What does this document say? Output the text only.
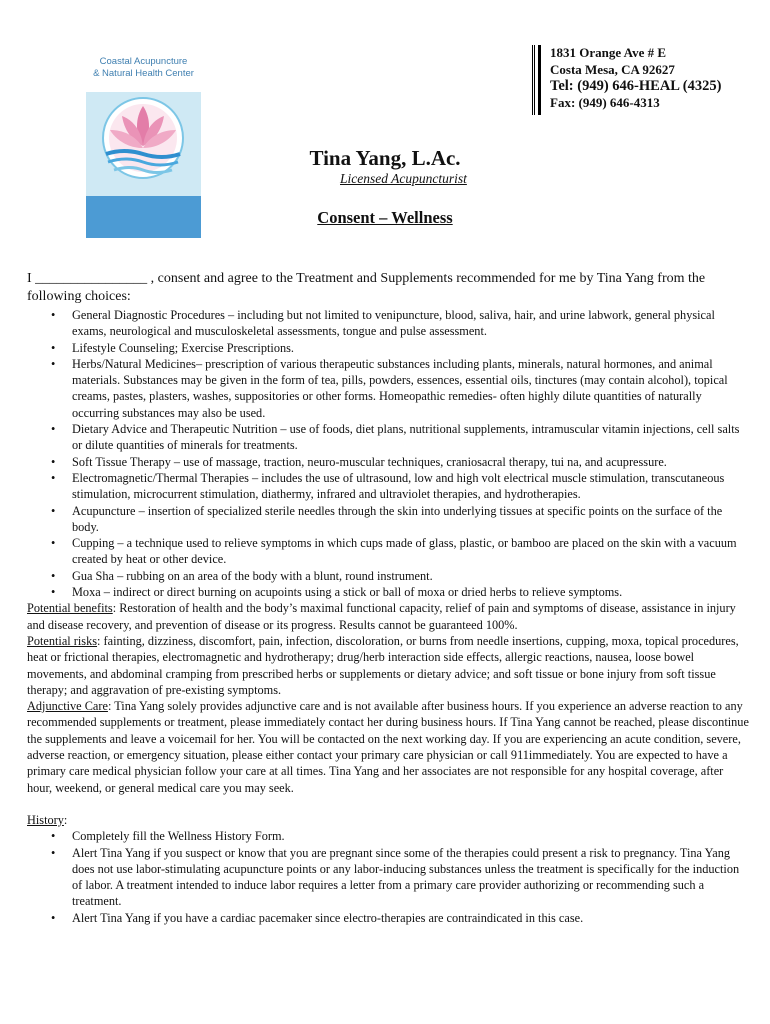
Coastal Acupuncture
& Natural Health Center
Healing the whole person
Balancing mind, body, & spirit.
1831 Orange Ave # E
Costa Mesa, CA 92627
Tel: (949) 646-HEAL (4325)
Fax: (949) 646-4313
Tina Yang, L.Ac.
Licensed Acupuncturist
Consent – Wellness

I ________________ , consent and agree to the Treatment and Supplements recommended for me by Tina Yang from the following choices:

• General Diagnostic Procedures – including but not limited to venipuncture, blood, saliva, hair, and urine labwork, general physical exams, neurological and musculoskeletal assessments, tongue and pulse assessment.
• Lifestyle Counseling; Exercise Prescriptions.
• Herbs/Natural Medicines– prescription of various therapeutic substances including plants, minerals, natural hormones, and animal materials. Substances may be given in the form of tea, pills, powders, essences, essential oils, tinctures (may contain alcohol), topical creams, pastes, plasters, washes, suppositories or other forms. Homeopathic remedies- often highly dilute quantities of naturally occurring substances may also be used.
• Dietary Advice and Therapeutic Nutrition – use of foods, diet plans, nutritional supplements, intramuscular vitamin injections, cell salts or dilute quantities of minerals for treatments.
• Soft Tissue Therapy – use of massage, traction, neuro-muscular techniques, craniosacral therapy, tui na, and acupressure.
• Electromagnetic/Thermal Therapies – includes the use of ultrasound, low and high volt electrical muscle stimulation, transcutaneous stimulation, microcurrent stimulation, diathermy, infrared and ultraviolet therapies, and hydrotherapies.
• Acupuncture – insertion of specialized sterile needles through the skin into underlying tissues at specific points on the surface of the body.
• Cupping – a technique used to relieve symptoms in which cups made of glass, plastic, or bamboo are placed on the skin with a vacuum created by heat or other device.
• Gua Sha – rubbing on an area of the body with a blunt, round instrument.
• Moxa – indirect or direct burning on acupoints using a stick or ball of moxa or dried herbs to relieve symptoms.

Potential benefits: Restoration of health and the body’s maximal functional capacity, relief of pain and symptoms of disease, assistance in injury and disease recovery, and prevention of disease or its progress. Results cannot be guaranteed 100%.

Potential risks: fainting, dizziness, discomfort, pain, infection, discoloration, or burns from needle insertions, cupping, moxa, topical procedures, heat or frictional therapies, electromagnetic and hydrotherapy; drug/herb interaction side effects, allergic reactions, nausea, loose bowel movements, and abdominal cramping from prescribed herbs or supplements or dietary advice; and soft tissue or bone injury from soft tissue therapy; and aggravation of pre-existing symptoms.

Adjunctive Care: Tina Yang solely provides adjunctive care and is not available after business hours. If you experience an adverse reaction to any recommended supplements or treatment, please immediately contact her during business hours. If Tina Yang cannot be reached, please discontinue the supplements and leave a voicemail for her. You will be contacted on the next working day. If you are experiencing an acute condition, severe, adverse reaction, or emergency situation, please either contact your primary care physician or call 911immediately. You are expected to have a primary care medical physician follow your care at all times. Tina Yang and her associates are not responsible for any hospital coverage, after hour, weekend, or general medical care you may seek.

History:

• Completely fill the Wellness History Form.
• Alert Tina Yang if you suspect or know that you are pregnant since some of the therapies could present a risk to pregnancy. Tina Yang does not use labor-stimulating acupuncture points or any labor-inducing substances unless the treatment is specifically for the induction of labor. A treatment intended to induce labor requires a letter from a primary care provider authorizing or recommending such a treatment.
• Alert Tina Yang if you have a cardiac pacemaker since electro-therapies are contraindicated in this case.
